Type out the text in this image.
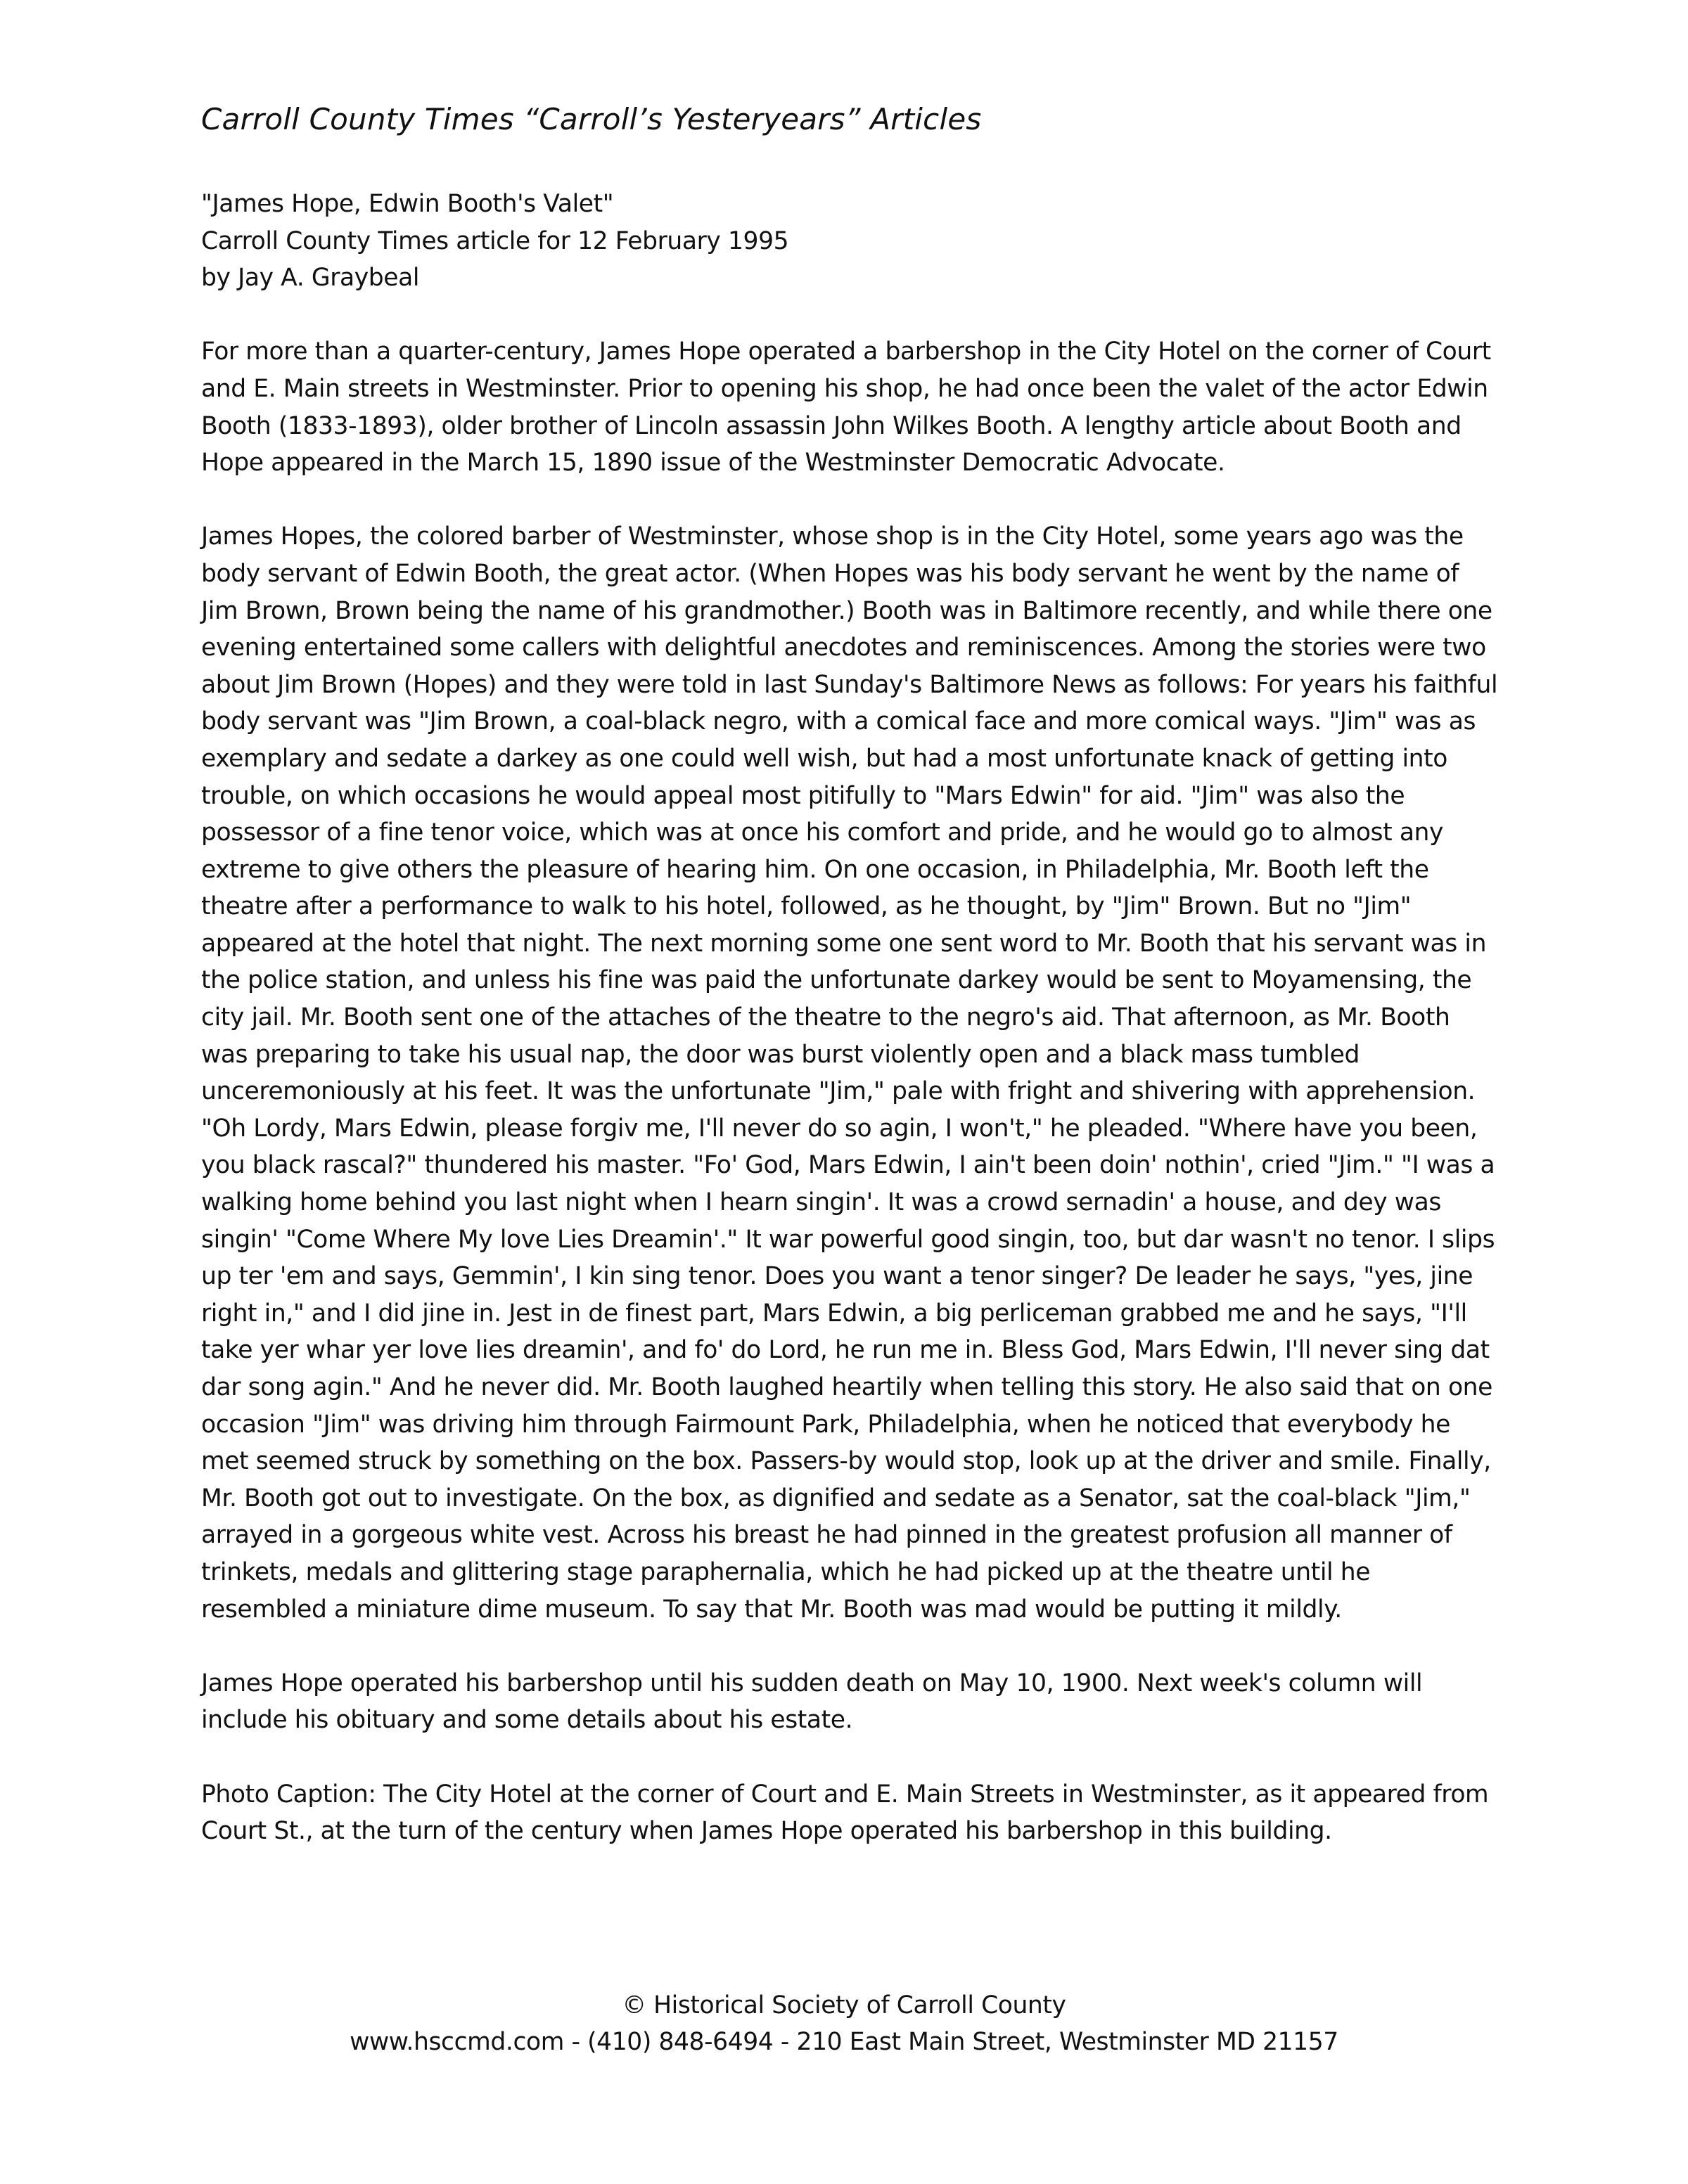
Carroll County Times “Carroll’s Yesteryears” Articles
"James Hope, Edwin Booth's Valet"
Carroll County Times article for 12 February 1995
by Jay A. Graybeal

For more than a quarter-century, James Hope operated a barbershop in the City Hotel on the corner of Court and E. Main streets in Westminster. Prior to opening his shop, he had once been the valet of the actor Edwin Booth (1833-1893), older brother of Lincoln assassin John Wilkes Booth. A lengthy article about Booth and Hope appeared in the March 15, 1890 issue of the Westminster Democratic Advocate.

James Hopes, the colored barber of Westminster, whose shop is in the City Hotel, some years ago was the body servant of Edwin Booth, the great actor. (When Hopes was his body servant he went by the name of Jim Brown, Brown being the name of his grandmother.) Booth was in Baltimore recently, and while there one evening entertained some callers with delightful anecdotes and reminiscences. Among the stories were two about Jim Brown (Hopes) and they were told in last Sunday's Baltimore News as follows: For years his faithful body servant was "Jim Brown, a coal-black negro, with a comical face and more comical ways. "Jim" was as exemplary and sedate a darkey as one could well wish, but had a most unfortunate knack of getting into trouble, on which occasions he would appeal most pitifully to "Mars Edwin" for aid. "Jim" was also the possessor of a fine tenor voice, which was at once his comfort and pride, and he would go to almost any extreme to give others the pleasure of hearing him. On one occasion, in Philadelphia, Mr. Booth left the theatre after a performance to walk to his hotel, followed, as he thought, by "Jim" Brown. But no "Jim" appeared at the hotel that night. The next morning some one sent word to Mr. Booth that his servant was in the police station, and unless his fine was paid the unfortunate darkey would be sent to Moyamensing, the city jail. Mr. Booth sent one of the attaches of the theatre to the negro's aid. That afternoon, as Mr. Booth was preparing to take his usual nap, the door was burst violently open and a black mass tumbled unceremoniously at his feet. It was the unfortunate "Jim," pale with fright and shivering with apprehension. "Oh Lordy, Mars Edwin, please forgiv me, I'll never do so agin, I won't," he pleaded. "Where have you been, you black rascal?" thundered his master. "Fo' God, Mars Edwin, I ain't been doin' nothin', cried "Jim." "I was a walking home behind you last night when I hearn singin'. It was a crowd sernadin' a house, and dey was singin' "Come Where My love Lies Dreamin'." It war powerful good singin, too, but dar wasn't no tenor. I slips up ter 'em and says, Gemmin', I kin sing tenor. Does you want a tenor singer? De leader he says, "yes, jine right in," and I did jine in. Jest in de finest part, Mars Edwin, a big perliceman grabbed me and he says, "I'll take yer whar yer love lies dreamin', and fo' do Lord, he run me in. Bless God, Mars Edwin, I'll never sing dat dar song agin." And he never did. Mr. Booth laughed heartily when telling this story. He also said that on one occasion "Jim" was driving him through Fairmount Park, Philadelphia, when he noticed that everybody he met seemed struck by something on the box. Passers-by would stop, look up at the driver and smile. Finally, Mr. Booth got out to investigate. On the box, as dignified and sedate as a Senator, sat the coal-black "Jim," arrayed in a gorgeous white vest. Across his breast he had pinned in the greatest profusion all manner of trinkets, medals and glittering stage paraphernalia, which he had picked up at the theatre until he resembled a miniature dime museum. To say that Mr. Booth was mad would be putting it mildly.

James Hope operated his barbershop until his sudden death on May 10, 1900. Next week's column will include his obituary and some details about his estate.

Photo Caption: The City Hotel at the corner of Court and E. Main Streets in Westminster, as it appeared from Court St., at the turn of the century when James Hope operated his barbershop in this building.

© Historical Society of Carroll County
www.hsccmd.com - (410) 848-6494 - 210 East Main Street, Westminster MD 21157
